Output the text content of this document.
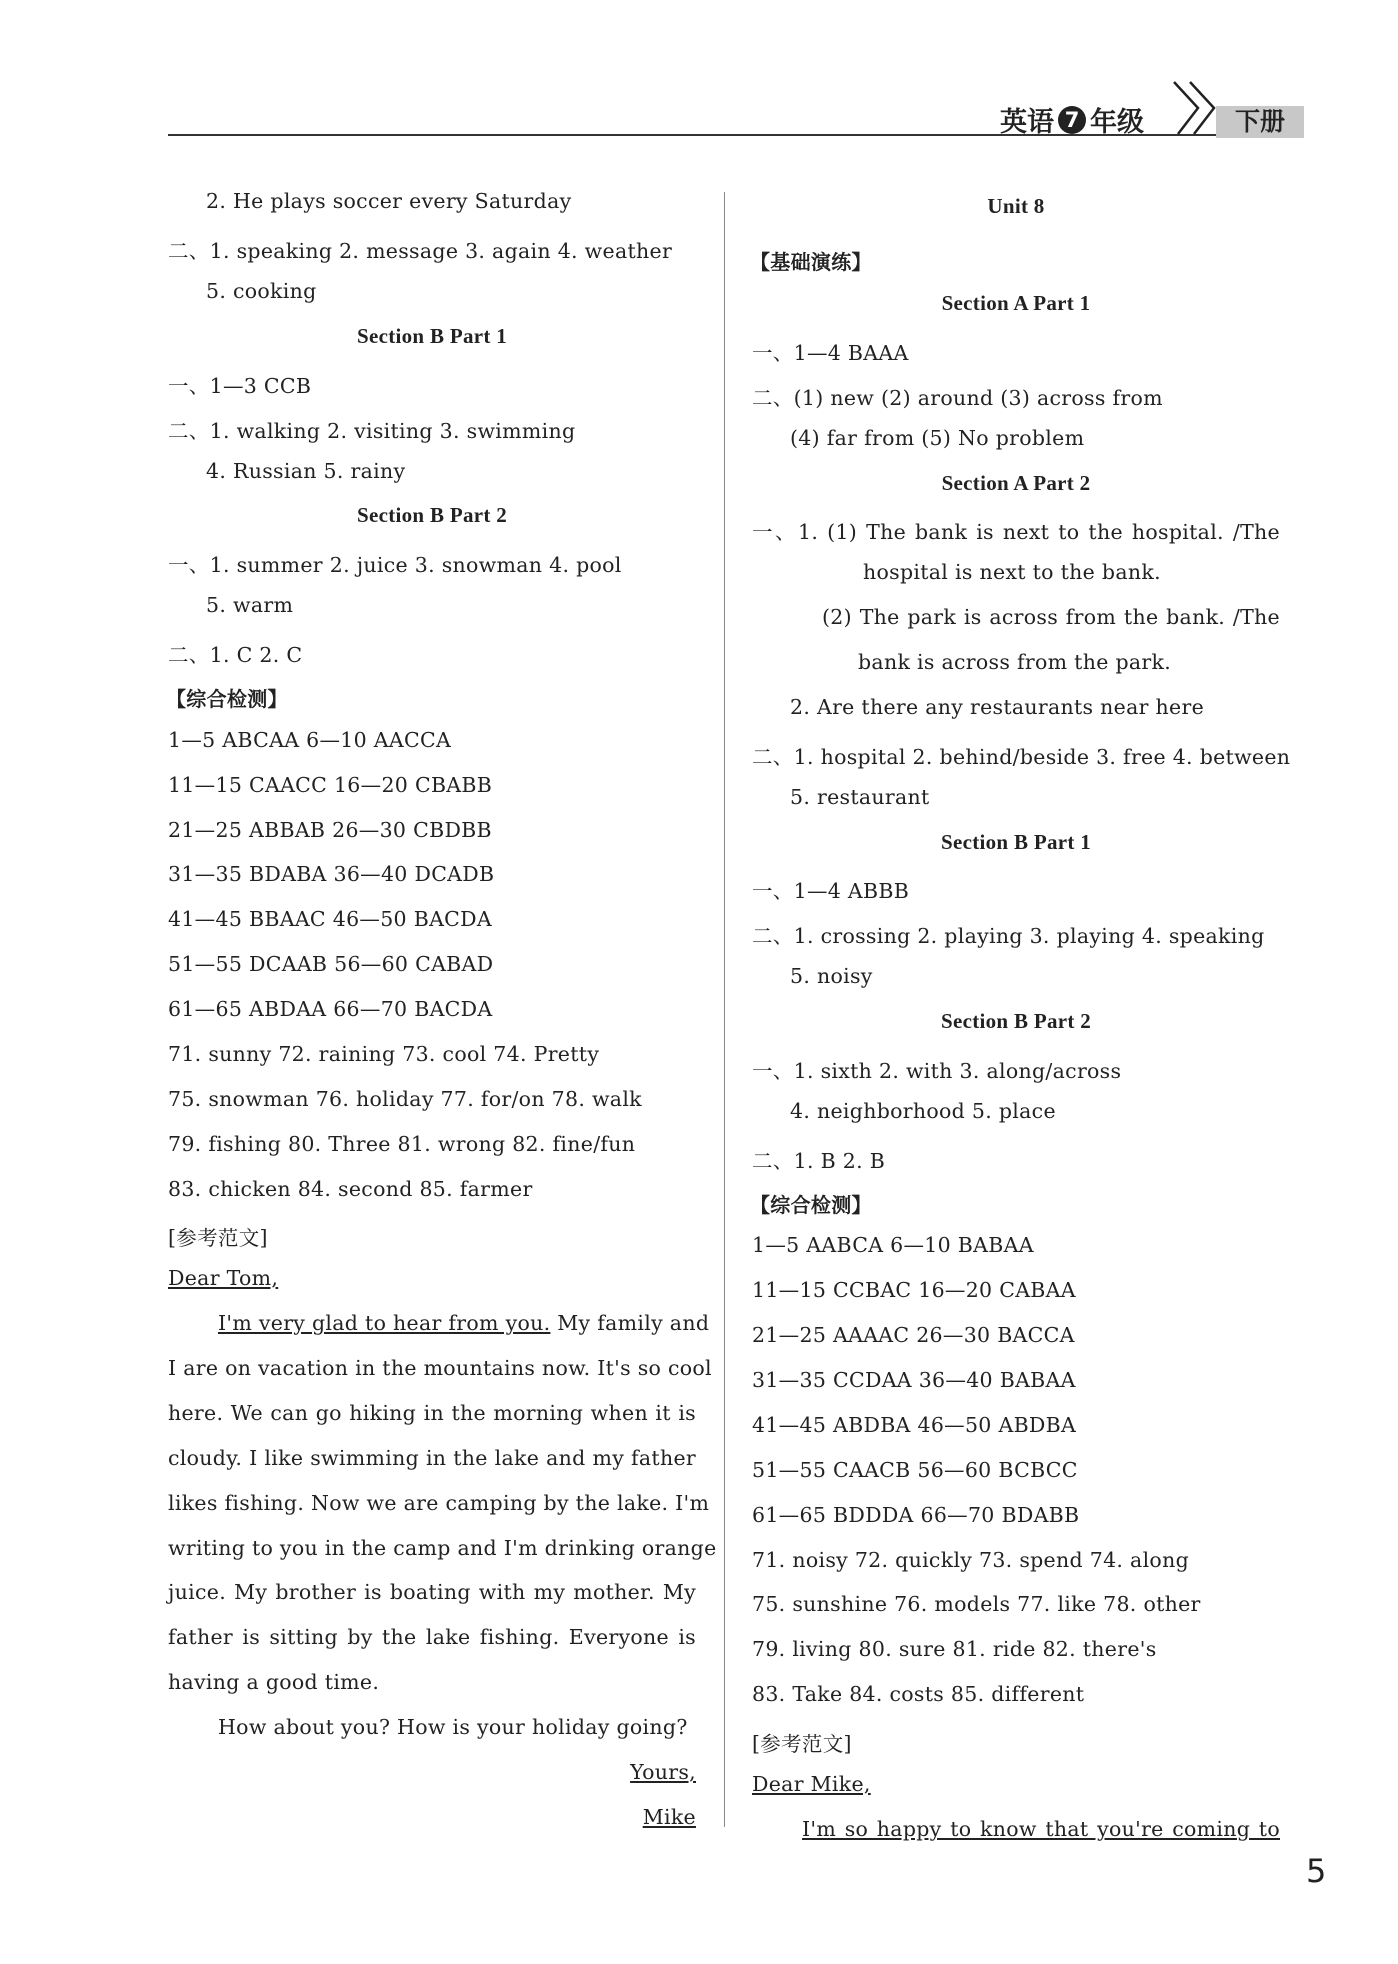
英语 7 年级	下册
2. He plays soccer every Saturday
二、1. speaking 2. message 3. again 4. weather
5. cooking
Section B Part 1
一、1—3 CCB
二、1. walking 2. visiting 3. swimming
4. Russian 5. rainy
Section B Part 2
一、1. summer 2. juice 3. snowman 4. pool
5. warm
二、1. C 2. C
【综合检测】
1—5 ABCAA 6—10 AACCA
11—15 CAACC 16—20 CBABB
21—25 ABBAB 26—30 CBDBB
31—35 BDABA 36—40 DCADB
41—45 BBAAC 46—50 BACDA
51—55 DCAAB 56—60 CABAD
61—65 ABDAA 66—70 BACDA
71. sunny 72. raining 73. cool 74. Pretty
75. snowman 76. holiday 77. for/on 78. walk
79. fishing 80. Three 81. wrong 82. fine/fun
83. chicken 84. second 85. farmer
[参考范文]
Dear Tom,
I'm very glad to hear from you. My family and
I are on vacation in the mountains now. It's so cool
here. We can go hiking in the morning when it is
cloudy. I like swimming in the lake and my father
likes fishing. Now we are camping by the lake. I'm
writing to you in the camp and I'm drinking orange
juice. My brother is boating with my mother. My
father is sitting by the lake fishing. Everyone is
having a good time.
How about you? How is your holiday going?
Yours,
Mike
Unit 8
【基础演练】
Section A Part 1
一、1—4 BAAA
二、(1) new (2) around (3) across from
(4) far from (5) No problem
Section A Part 2
一、1. (1) The bank is next to the hospital. /The
hospital is next to the bank.
(2) The park is across from the bank. /The
bank is across from the park.
2. Are there any restaurants near here
二、1. hospital 2. behind/beside 3. free 4. between
5. restaurant
Section B Part 1
一、1—4 ABBB
二、1. crossing 2. playing 3. playing 4. speaking
5. noisy
Section B Part 2
一、1. sixth 2. with 3. along/across
4. neighborhood 5. place
二、1. B 2. B
【综合检测】
1—5 AABCA 6—10 BABAA
11—15 CCBAC 16—20 CABAA
21—25 AAAAC 26—30 BACCA
31—35 CCDAA 36—40 BABAA
41—45 ABDBA 46—50 ABDBA
51—55 CAACB 56—60 BCBCC
61—65 BDDDA 66—70 BDABB
71. noisy 72. quickly 73. spend 74. along
75. sunshine 76. models 77. like 78. other
79. living 80. sure 81. ride 82. there's
83. Take 84. costs 85. different
[参考范文]
Dear Mike,
I'm so happy to know that you're coming to
5
